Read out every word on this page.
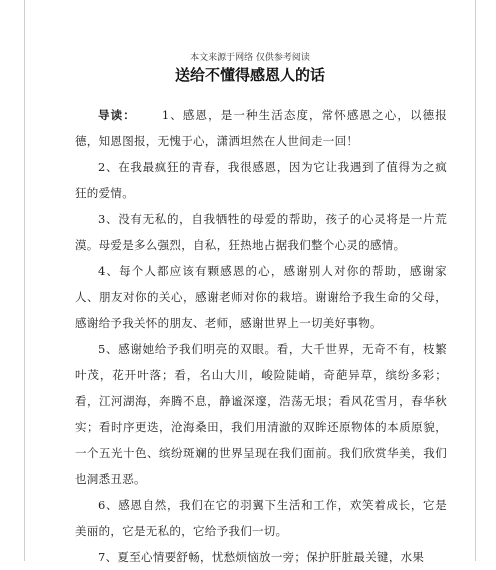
本文来源于网络 仅供参考阅读
送给不懂得感恩人的话

导读： 1、感恩，是一种生活态度，常怀感恩之心，以德报德，知恩图报，无愧于心，潇洒坦然在人世间走一回！

2、在我最疯狂的青春，我很感恩，因为它让我遇到了值得为之疯狂的爱情。

3、没有无私的，自我牺牲的母爱的帮助，孩子的心灵将是一片荒漠。母爱是多么强烈，自私，狂热地占据我们整个心灵的感情。

4、每个人都应该有颗感恩的心，感谢别人对你的帮助，感谢家人、朋友对你的关心，感谢老师对你的栽培。谢谢给予我生命的父母，感谢给予我关怀的朋友、老师，感谢世界上一切美好事物。

5、感谢她给予我们明亮的双眼。看，大千世界，无奇不有，枝繁叶茂，花开叶落；看，名山大川，峻险陡峭，奇葩异草，缤纷多彩；看，江河湖海，奔腾不息，静谧深邃，浩荡无垠；看风花雪月，春华秋实；看时序更迭，沧海桑田，我们用清澈的双眸还原物体的本质原貌，一个五光十色、缤纷斑斓的世界呈现在我们面前。我们欣赏华美，我们也洞悉丑恶。

6、感恩自然，我们在它的羽翼下生活和工作，欢笑着成长，它是美丽的，它是无私的，它给予我们一切。

7、夏至心情要舒畅，忧愁烦恼放一旁；保护肝脏最关键，水果
